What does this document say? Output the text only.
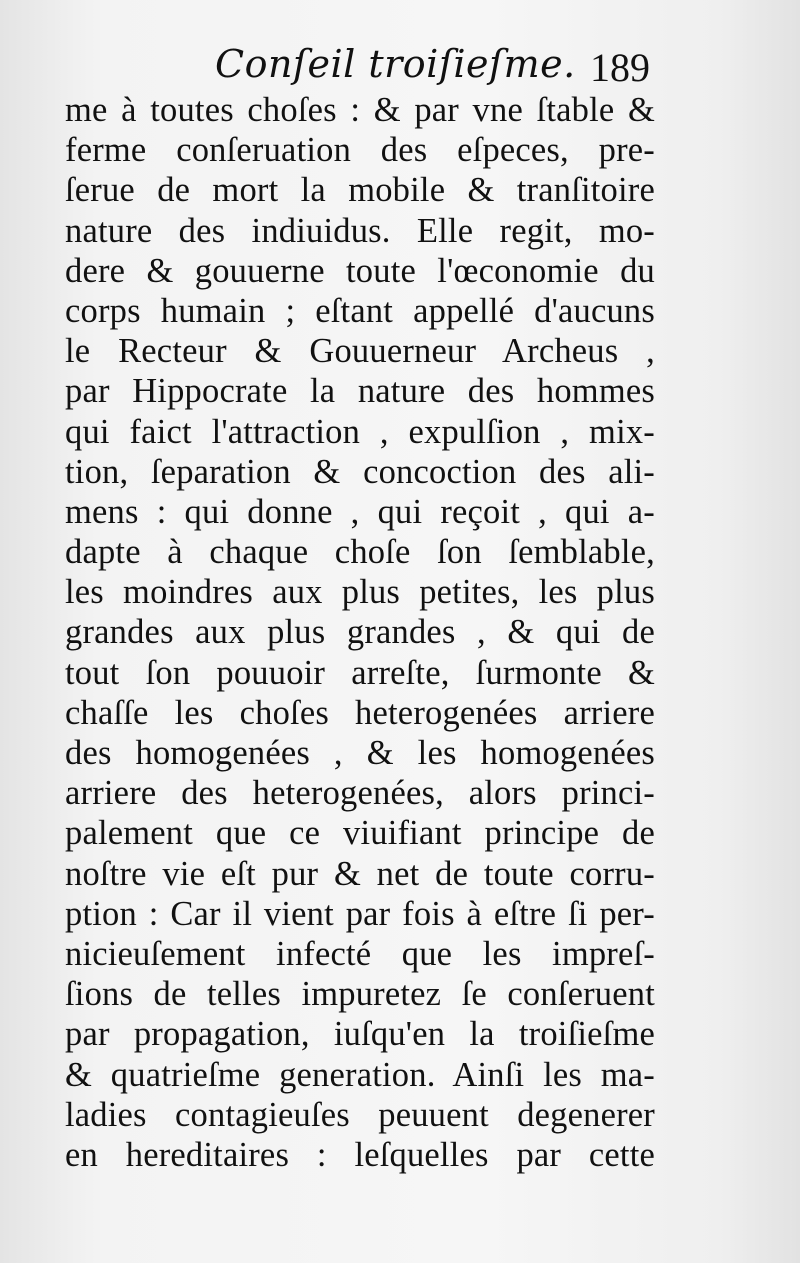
Conſeil troiſieſme. 189
me à toutes choſes : & par vne ſtable &
ferme conſeruation des eſpeces, pre-
ſerue de mort la mobile & tranſitoire
nature des indiuidus. Elle regit, mo-
dere & gouuerne toute l'œconomie du
corps humain ; eſtant appellé d'aucuns
le Recteur & Gouuerneur Archeus ,
par Hippocrate la nature des hommes
qui faict l'attraction , expulſion , mix-
tion, ſeparation & concoction des ali-
mens : qui donne , qui reçoit , qui a-
dapte à chaque choſe ſon ſemblable,
les moindres aux plus petites, les plus
grandes aux plus grandes , & qui de
tout ſon pouuoir arreſte, ſurmonte &
chaſſe les choſes heterogenées arriere
des homogenées , & les homogenées
arriere des heterogenées, alors princi-
palement que ce viuifiant principe de
noſtre vie eſt pur & net de toute corru-
ption : Car il vient par fois à eſtre ſi per-
nicieuſement infecté que les impreſ-
ſions de telles impuretez ſe conſeruent
par propagation, iuſqu'en la troiſieſme
& quatrieſme generation. Ainſi les ma-
ladies contagieuſes peuuent degenerer
en hereditaires : leſquelles par cette
